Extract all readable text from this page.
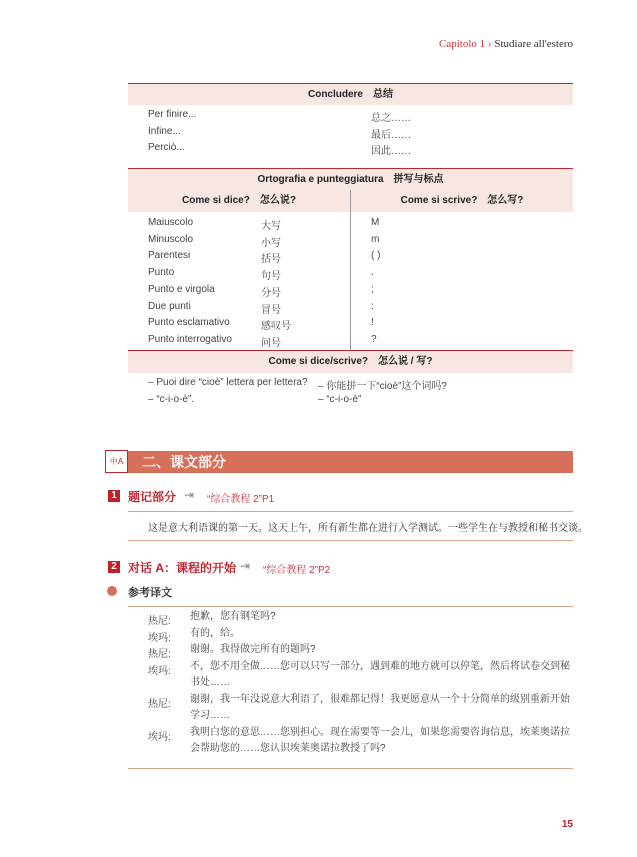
Capitolo 1 › Studiare all'estero
Concludere　总结
Per finire...	总之……
Infine...	最后……
Perciò...	因此……
Ortografia e punteggiatura　拼写与标点
Come si dice?　怎么说?	Come si scrive?　怎么写?
Maiuscolo	大写	M
Minuscolo	小写	m
Parentesi	括号	( )
Punto	句号	.
Punto e virgola	分号	;
Due punti	冒号	:
Punto esclamativo	感叹号	!
Punto interrogativo	问号	?
Come si dice/scrive?　怎么说 / 写?
– Puoi dire “cioè” lettera per lettera? – 你能拼一下“cioè”这个词吗?
– “c-i-o-è”.	– “c-i-o-è”
中A	二、课文部分
1 题记部分 ⇥ “综合教程 2”P1
这是意大利语课的第一天。这天上午，所有新生都在进行入学测试。一些学生在与教授和秘书交谈。
2 对话 A：课程的开始 ⇥ “综合教程 2”P2
参考译文
热尼: 抱歉，您有钢笔吗?
埃玛: 有的，给。
热尼: 谢谢。我得做完所有的题吗?
埃玛: 不，您不用全做……您可以只写一部分，遇到难的地方就可以停笔，然后将试卷交到秘书处……
热尼: 谢谢，我一年没说意大利语了，很难都记得！我更愿意从一个十分简单的级别重新开始学习……
埃玛: 我明白您的意思……您别担心。现在需要等一会儿，如果您需要咨询信息，埃莱奥诺拉会帮助您的……您认识埃莱奥诺拉教授了吗?
15
